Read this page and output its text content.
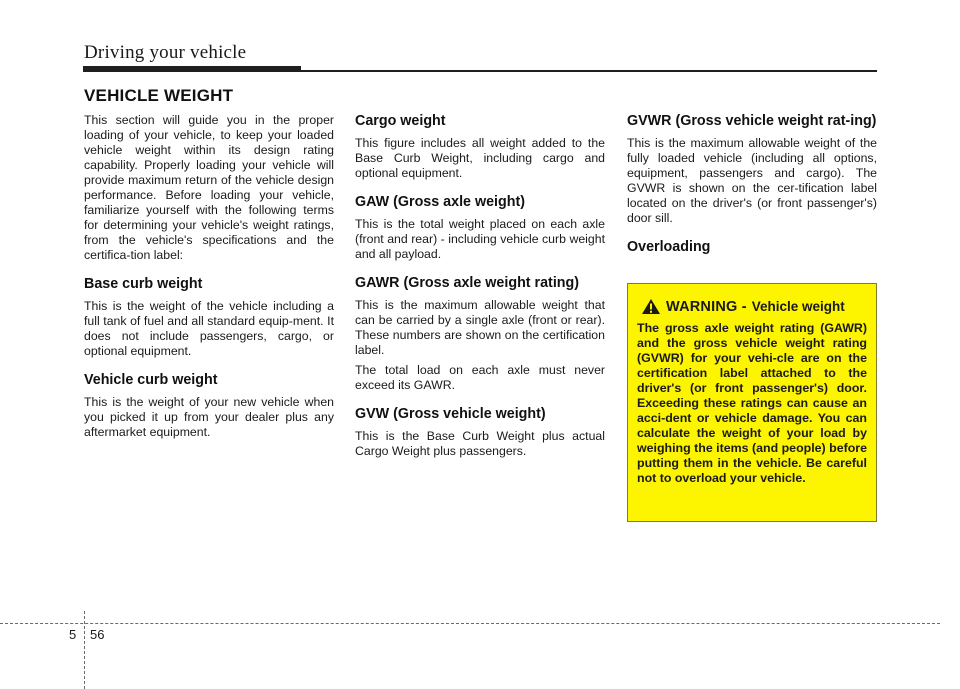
Driving your vehicle
VEHICLE WEIGHT

This section will guide you in the proper loading of your vehicle, to keep your loaded vehicle weight within its design rating capability. Properly loading your vehicle will provide maximum return of the vehicle design performance. Before loading your vehicle, familiarize yourself with the following terms for determining your vehicle's weight ratings, from the vehicle's specifications and the certifica-tion label:

Base curb weight

This is the weight of the vehicle including a full tank of fuel and all standard equip-ment. It does not include passengers, cargo, or optional equipment.

Vehicle curb weight

This is the weight of your new vehicle when you picked it up from your dealer plus any aftermarket equipment.

Cargo weight

This figure includes all weight added to the Base Curb Weight, including cargo and optional equipment.

GAW (Gross axle weight)

This is the total weight placed on each axle (front and rear) - including vehicle curb weight and all payload.

GAWR (Gross axle weight rating)

This is the maximum allowable weight that can be carried by a single axle (front or rear). These numbers are shown on the certification label.

The total load on each axle must never exceed its GAWR.

GVW (Gross vehicle weight)

This is the Base Curb Weight plus actual Cargo Weight plus passengers.

GVWR (Gross vehicle weight rat-ing)

This is the maximum allowable weight of the fully loaded vehicle (including all options, equipment, passengers and cargo). The GVWR is shown on the cer-tification label located on the driver's (or front passenger's) door sill.

Overloading
WARNING - Vehicle weight

The gross axle weight rating (GAWR) and the gross vehicle weight rating (GVWR) for your vehi-cle are on the certification label attached to the driver's (or front passenger's) door. Exceeding these ratings can cause an acci-dent or vehicle damage. You can calculate the weight of your load by weighing the items (and people) before putting them in the vehicle. Be careful not to overload your vehicle.

5 56
